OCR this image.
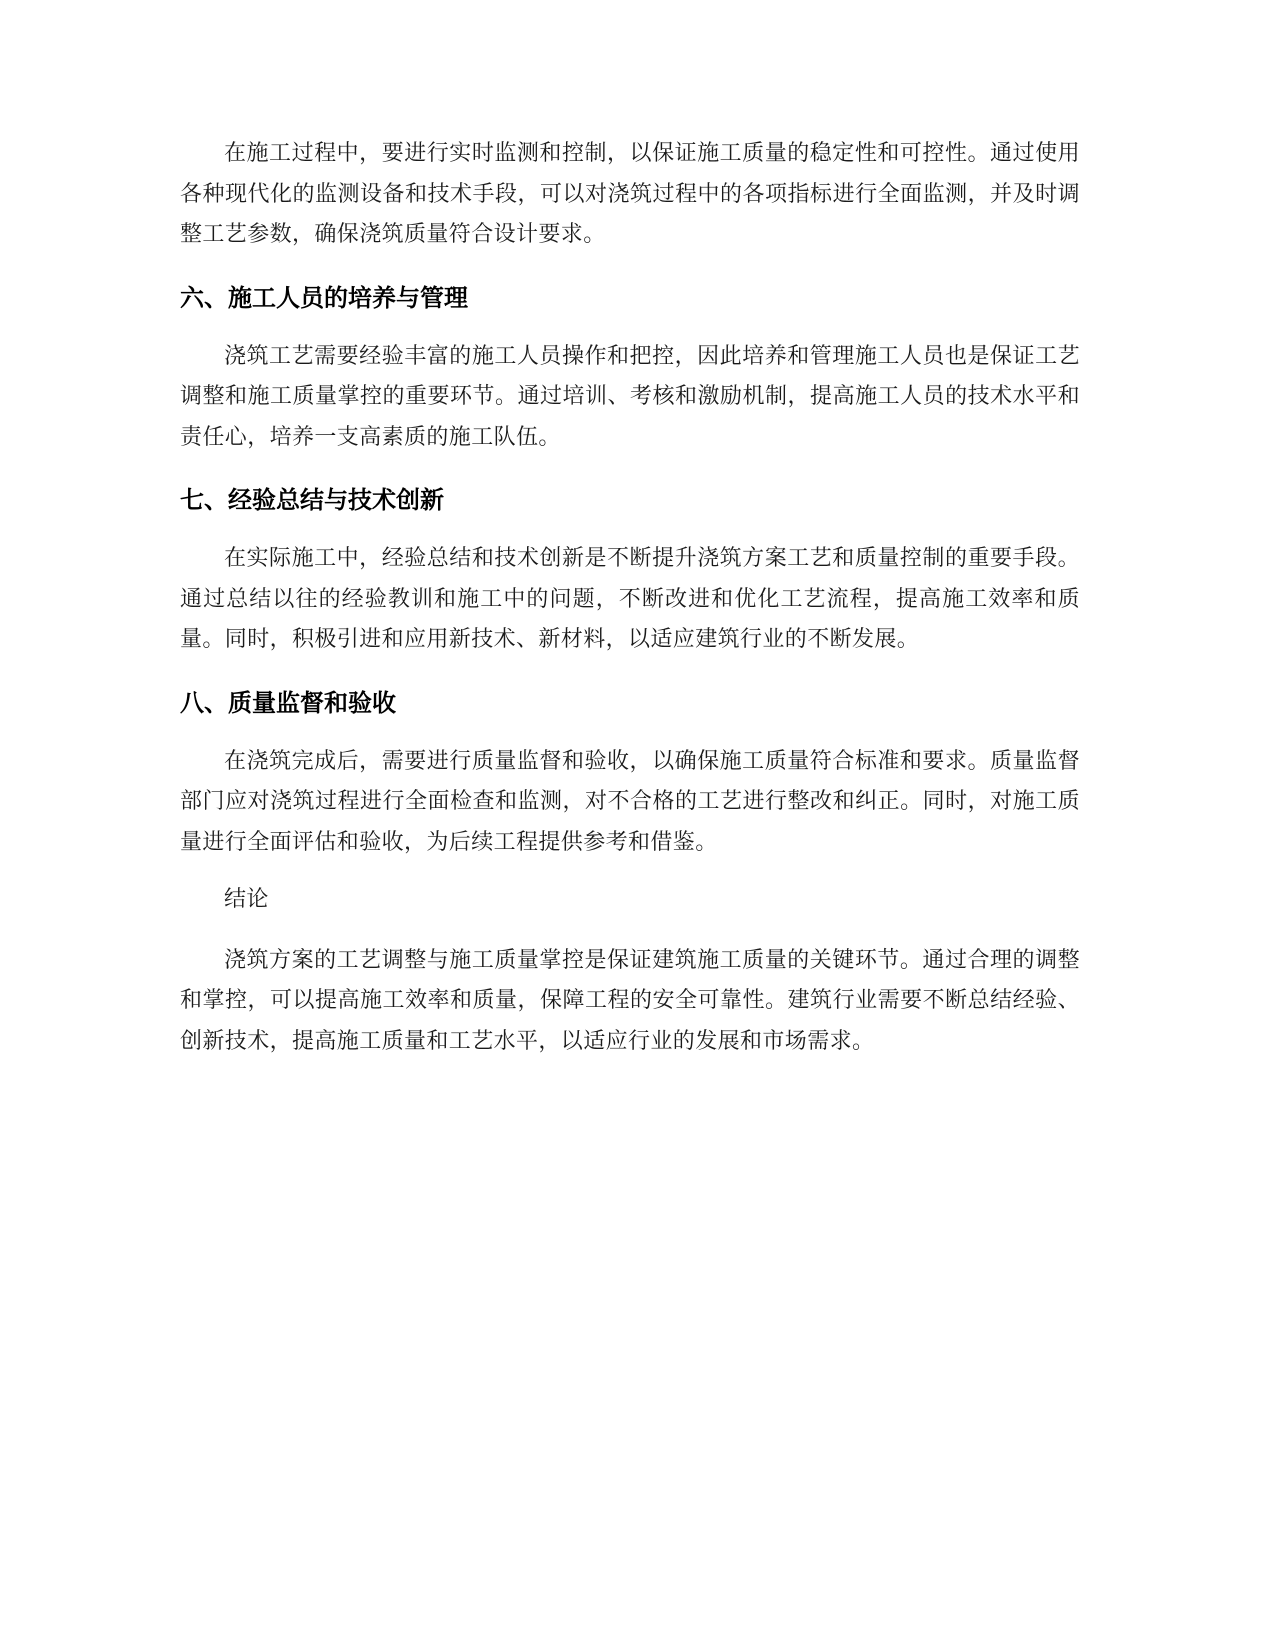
在施工过程中，要进行实时监测和控制，以保证施工质量的稳定性和可控性。通过使用各种现代化的监测设备和技术手段，可以对浇筑过程中的各项指标进行全面监测，并及时调整工艺参数，确保浇筑质量符合设计要求。

六、施工人员的培养与管理

浇筑工艺需要经验丰富的施工人员操作和把控，因此培养和管理施工人员也是保证工艺调整和施工质量掌控的重要环节。通过培训、考核和激励机制，提高施工人员的技术水平和责任心，培养一支高素质的施工队伍。

七、经验总结与技术创新

在实际施工中，经验总结和技术创新是不断提升浇筑方案工艺和质量控制的重要手段。通过总结以往的经验教训和施工中的问题，不断改进和优化工艺流程，提高施工效率和质量。同时，积极引进和应用新技术、新材料，以适应建筑行业的不断发展。

八、质量监督和验收

在浇筑完成后，需要进行质量监督和验收，以确保施工质量符合标准和要求。质量监督部门应对浇筑过程进行全面检查和监测，对不合格的工艺进行整改和纠正。同时，对施工质量进行全面评估和验收，为后续工程提供参考和借鉴。

结论

浇筑方案的工艺调整与施工质量掌控是保证建筑施工质量的关键环节。通过合理的调整和掌控，可以提高施工效率和质量，保障工程的安全可靠性。建筑行业需要不断总结经验、创新技术，提高施工质量和工艺水平，以适应行业的发展和市场需求。
